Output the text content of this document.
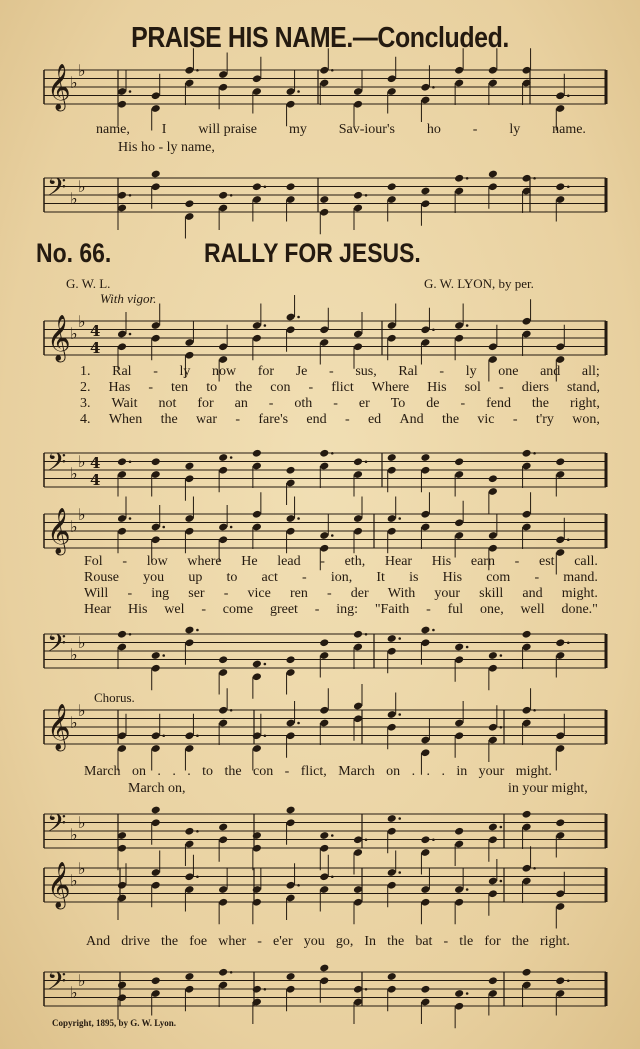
PRAISE HIS NAME.—Concluded.
𝄞 ♭
♭
𝄢 ♭
♭
𝄞 ♭
♭ 4
4
𝄢 ♭
♭ 4
4
𝄞 ♭
♭
𝄢 ♭
♭
𝄞 ♭
♭
𝄢 ♭
♭
𝄞 ♭
♭
𝄢 ♭
♭
name, I will praise my Sav-iour's ho - ly name.
His ho - ly name,
No. 66.	RALLY FOR JESUS.
G. W. L.	G. W. LYON, by per.
With vigor.
1. Ral - ly now for Je - sus, Ral - ly one and all;
2. Has - ten to the con - flict Where His sol - diers stand,
3. Wait not for an - oth - er To de - fend the right,
4. When the war - fare's end - ed And the vic - t'ry won,
Fol - low where He lead - eth, Hear His earn - est call.
Rouse you up to act - ion, It is His com - mand.
Will - ing ser - vice ren - der With your skill and might.
Hear His wel - come greet - ing: "Faith - ful one, well done."
Chorus.
March on . . . to the con - flict, March on . . . in your might.
March on,	in your might,
And drive the foe wher - e'er you go, In the bat - tle for the right.
Copyright, 1895, by G. W. Lyon.
